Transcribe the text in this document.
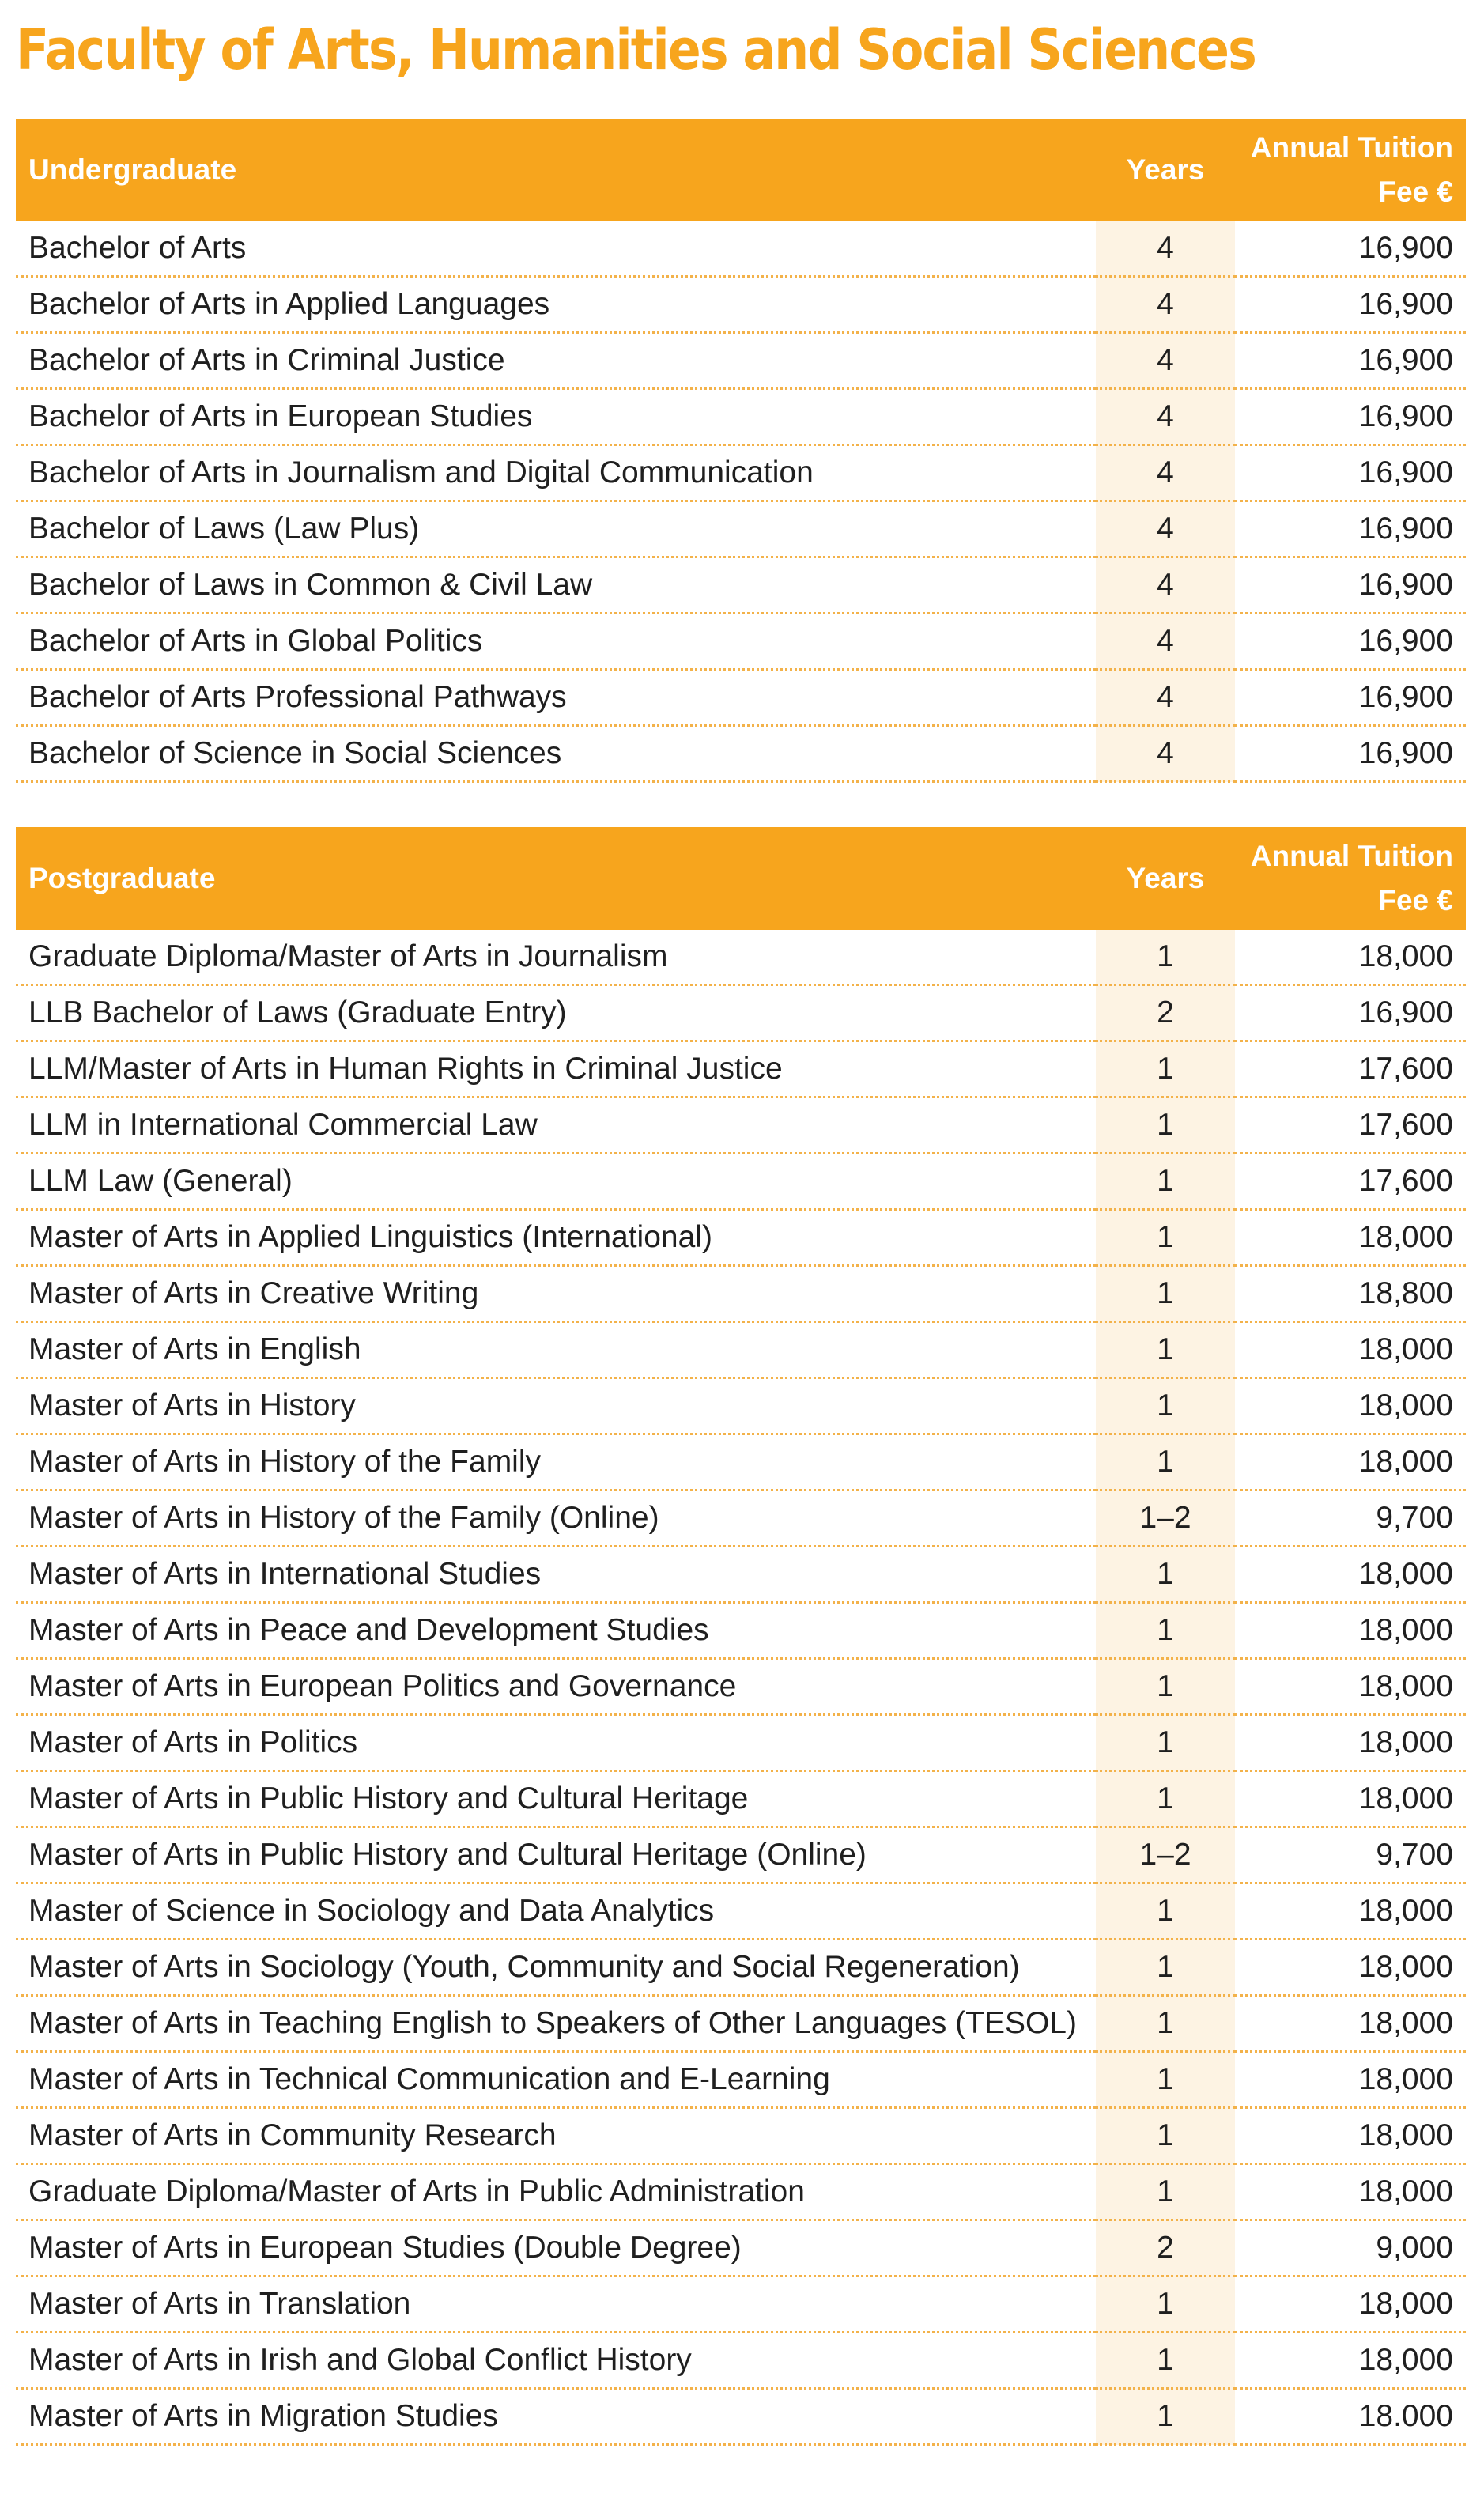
Faculty of Arts, Humanities and Social Sciences
Undergraduate	Years	Annual Tuition
Fee €
Bachelor of Arts	4	16,900
Bachelor of Arts in Applied Languages	4	16,900
Bachelor of Arts in Criminal Justice	4	16,900
Bachelor of Arts in European Studies	4	16,900
Bachelor of Arts in Journalism and Digital Communication	4	16,900
Bachelor of Laws (Law Plus)	4	16,900
Bachelor of Laws in Common & Civil Law	4	16,900
Bachelor of Arts in Global Politics	4	16,900
Bachelor of Arts Professional Pathways	4	16,900
Bachelor of Science in Social Sciences	4	16,900
Postgraduate	Years	Annual Tuition
Fee €
Graduate Diploma/Master of Arts in Journalism	1	18,000
LLB Bachelor of Laws (Graduate Entry)	2	16,900
LLM/Master of Arts in Human Rights in Criminal Justice	1	17,600
LLM in International Commercial Law	1	17,600
LLM Law (General)	1	17,600
Master of Arts in Applied Linguistics (International)	1	18,000
Master of Arts in Creative Writing	1	18,800
Master of Arts in English	1	18,000
Master of Arts in History	1	18,000
Master of Arts in History of the Family	1	18,000
Master of Arts in History of the Family (Online)	1–2	9,700
Master of Arts in International Studies	1	18,000
Master of Arts in Peace and Development Studies	1	18,000
Master of Arts in European Politics and Governance	1	18,000
Master of Arts in Politics	1	18,000
Master of Arts in Public History and Cultural Heritage	1	18,000
Master of Arts in Public History and Cultural Heritage (Online)	1–2	9,700
Master of Science in Sociology and Data Analytics	1	18,000
Master of Arts in Sociology (Youth, Community and Social Regeneration)	1	18,000
Master of Arts in Teaching English to Speakers of Other Languages (TESOL)	1	18,000
Master of Arts in Technical Communication and E-Learning	1	18,000
Master of Arts in Community Research	1	18,000
Graduate Diploma/Master of Arts in Public Administration	1	18,000
Master of Arts in European Studies (Double Degree)	2	9,000
Master of Arts in Translation	1	18,000
Master of Arts in Irish and Global Conflict History	1	18,000
Master of Arts in Migration Studies	1	18.000
